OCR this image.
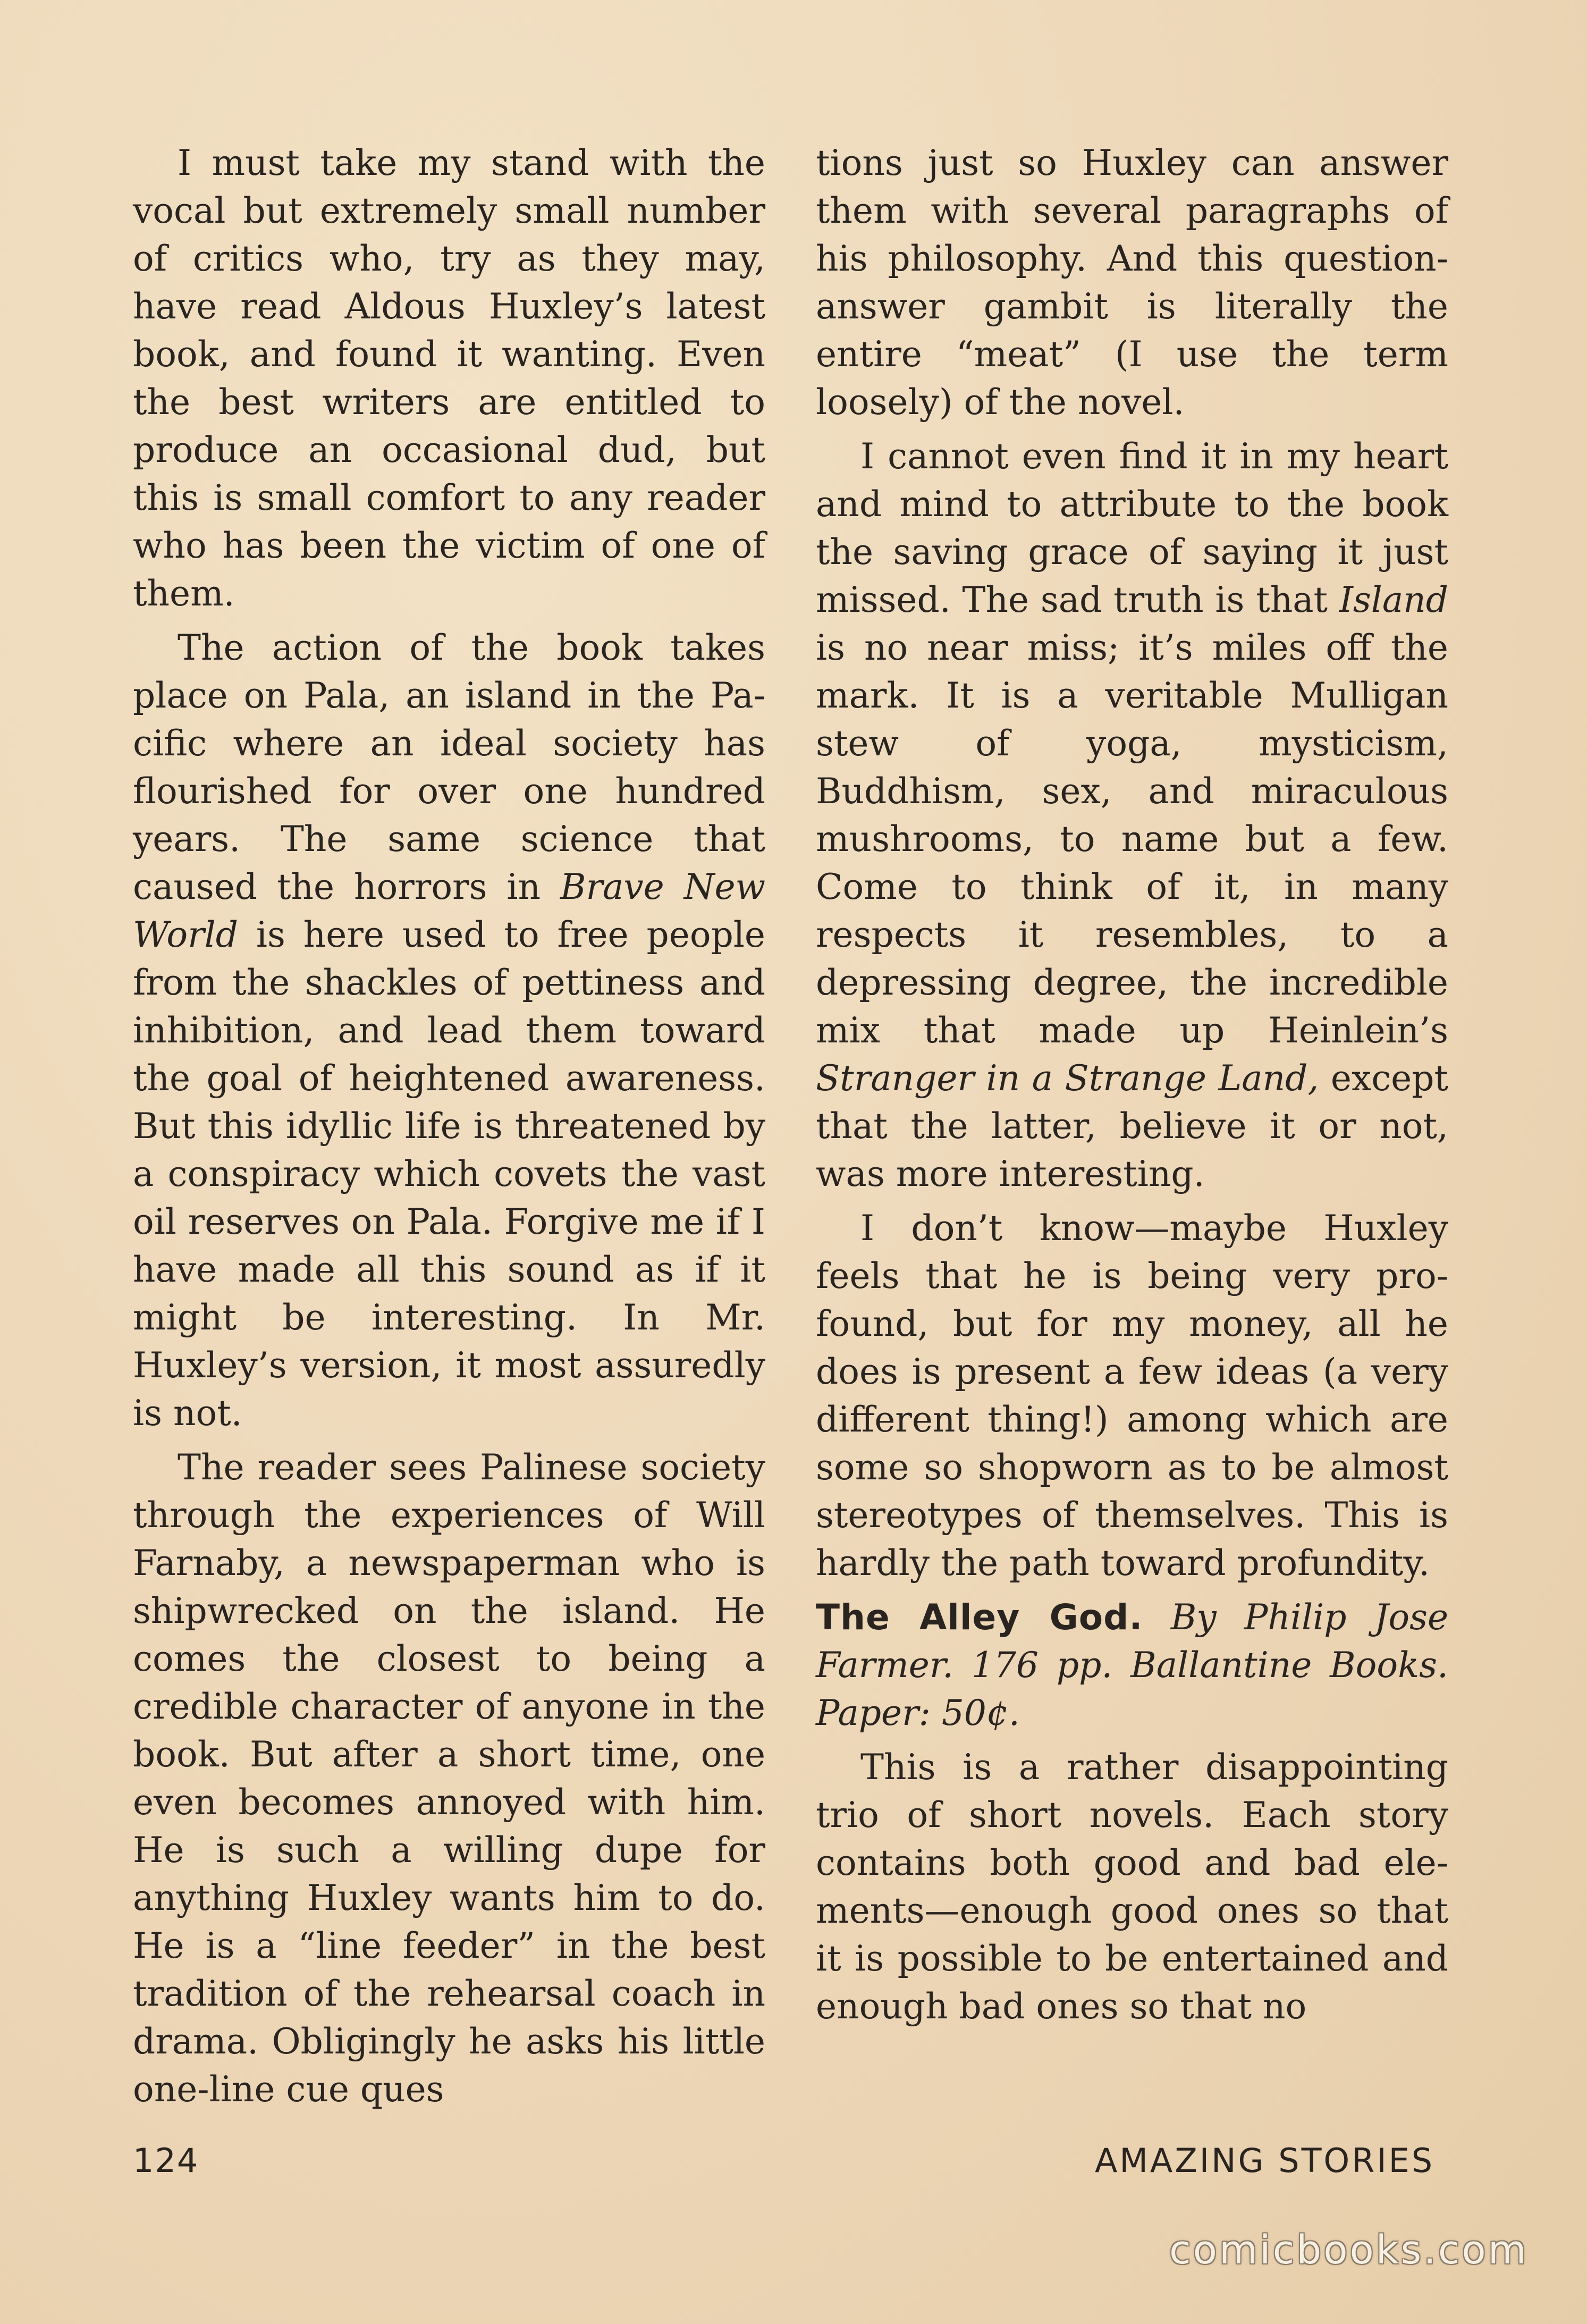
I must take my stand with the vocal but extremely small number of critics who, try as they may, have read Aldous Huxley’s latest book, and found it wanting. Even the best writers are entitled to produce an occasional dud, but this is small comfort to any reader who has been the victim of one of them.

The action of the book takes place on Pala, an island in the Pacific where an ideal society has flourished for over one hundred years. The same science that caused the horrors in Brave New World is here used to free people from the shackles of pettiness and inhibition, and lead them toward the goal of heightened awareness. But this idyllic life is threatened by a conspiracy which covets the vast oil reserves on Pala. Forgive me if I have made all this sound as if it might be interesting. In Mr. Huxley’s version, it most assuredly is not.

The reader sees Palinese society through the experiences of Will Farnaby, a newspaperman who is shipwrecked on the island. He comes the closest to being a credible character of anyone in the book. But after a short time, one even becomes annoyed with him. He is such a willing dupe for anything Huxley wants him to do. He is a “line feeder” in the best tradition of the rehearsal coach in drama. Obligingly he asks his little one-line cue ques

tions just so Huxley can answer them with several paragraphs of his philosophy. And this question-answer gambit is literally the entire “meat” (I use the term loosely) of the novel.

I cannot even find it in my heart and mind to attribute to the book the saving grace of saying it just missed. The sad truth is that Island is no near miss; it’s miles off the mark. It is a veritable Mulligan stew of yoga, mysticism, Buddhism, sex, and miraculous mushrooms, to name but a few. Come to think of it, in many respects it resembles, to a depressing degree, the incredible mix that made up Heinlein’s Stranger in a Strange Land, except that the latter, believe it or not, was more interesting.

I don’t know—maybe Huxley feels that he is being very profound, but for my money, all he does is present a few ideas (a very different thing!) among which are some so shopworn as to be almost stereotypes of themselves. This is hardly the path toward profundity.

The Alley God. By Philip Jose Farmer. 176 pp. Ballantine Books. Paper: 50¢.

This is a rather disappointing trio of short novels. Each story contains both good and bad elements—enough good ones so that it is possible to be entertained and enough bad ones so that no

124	AMAZING STORIES
comicbooks.com
